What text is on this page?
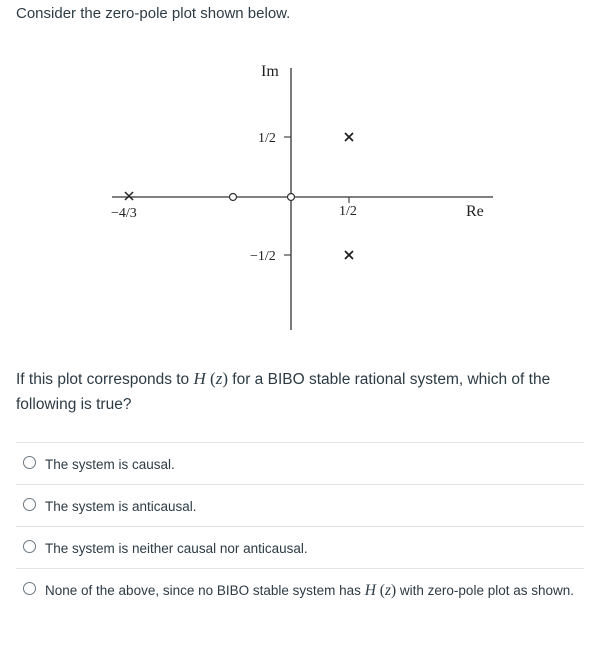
Consider the zero-pole plot shown below.
Im
Re
1/2
−1/2
1/2
−4/3
If this plot corresponds to H (z) for a BIBO stable rational system, which of the following is true?
The system is causal.
The system is anticausal.
The system is neither causal nor anticausal.
None of the above, since no BIBO stable system has H (z) with zero-pole plot as shown.
